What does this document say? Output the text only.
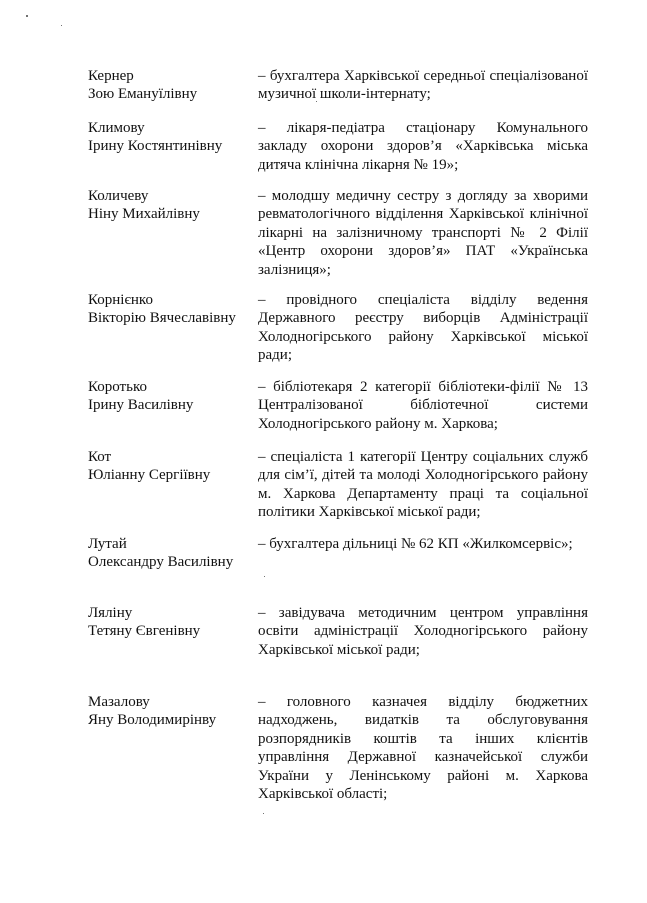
Кернер
Зою Емануїлівну
– бухгалтера Харківської середньої спеціалізованої
музичної школи-інтернату;
Климову
Ірину Костянтинівну
– лікаря-педіатра стаціонару Комунального
закладу охорони здоров’я «Харківська міська
дитяча клінічна лікарня № 19»;
Количеву
Ніну Михайлівну
– молодшу медичну сестру з догляду за хворими
ревматологічного відділення Харківської клінічної
лікарні на залізничному транспорті № 2 Філії
«Центр охорони здоров’я» ПАТ «Українська
залізниця»;
Корнієнко
Вікторію Вячеславівну
– провідного спеціаліста відділу ведення
Державного реєстру виборців Адміністрації
Холодногірського району Харківської міської
ради;
Коротько
Ірину Василівну
– бібліотекаря 2 категорії бібліотеки-філії № 13
Централізованої бібліотечної системи
Холодногірського району м. Харкова;
Кот
Юліанну Сергіївну
– спеціаліста 1 категорії Центру соціальних служб
для сім’ї, дітей та молоді Холодногірського району
м. Харкова Департаменту праці та соціальної
політики Харківської міської ради;
Лутай
Олександру Василівну
– бухгалтера дільниці № 62 КП «Жилкомсервіс»;
Ляліну
Тетяну Євгенівну
– завідувача методичним центром управління
освіти адміністрації Холодногірського району
Харківської міської ради;
Мазалову
Яну Володимирінву
– головного казначея відділу бюджетних
надходжень, видатків та обслуговування
розпорядників коштів та інших клієнтів
управління Державної казначейської служби
України у Ленінському районі м. Харкова
Харківської області;
